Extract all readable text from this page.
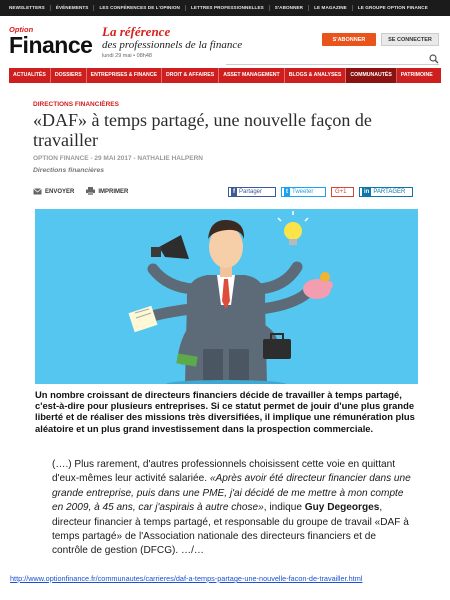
NEWSLETTERS	ÉVÉNEMENTS	LES CONFÉRENCES DE L'OPINION	LETTRES PROFESSIONNELLES	S'ABONNER	LE MAGAZINE	LE GROUPE OPTION FINANCE
Option
Finance
La référence
des professionnels de la finance
lundi 29 mai • 08h48
S'ABONNER	SE CONNECTER
ACTUALITÉS	DOSSIERS	ENTREPRISES & FINANCE	DROIT & AFFAIRES	ASSET MANAGEMENT	BLOGS & ANALYSES	COMMUNAUTÉS	PATRIMOINE
DIRECTIONS FINANCIÈRES
«DAF» à temps partagé, une nouvelle façon de travailler
OPTION FINANCE - 29 MAI 2017 - NATHALIE HALPERN
Directions financières
ENVOYER	IMPRIMER	f Partager	t Tweeter	G+1	in PARTAGER

Un nombre croissant de directeurs financiers décide de travailler à temps partagé, c'est-à-dire pour plusieurs entreprises. Si ce statut permet de jouir d'une plus grande liberté et de réaliser des missions très diversifiées, il implique une rémunération plus aléatoire et un plus grand investissement dans la prospection commerciale.

(….) Plus rarement, d'autres professionnels choisissent cette voie en quittant d'eux-mêmes leur activité salariée. «Après avoir été directeur financier dans une grande entreprise, puis dans une PME, j'ai décidé de me mettre à mon compte en 2009, à 45 ans, car j'aspirais à autre chose», indique Guy Degeorges, directeur financier à temps partagé, et responsable du groupe de travail «DAF à temps partagé» de l'Association nationale des directeurs financiers et de contrôle de gestion (DFCG). …/…

http://www.optionfinance.fr/communautes/carrieres/daf-a-temps-partage-une-nouvelle-facon-de-travailler.html
